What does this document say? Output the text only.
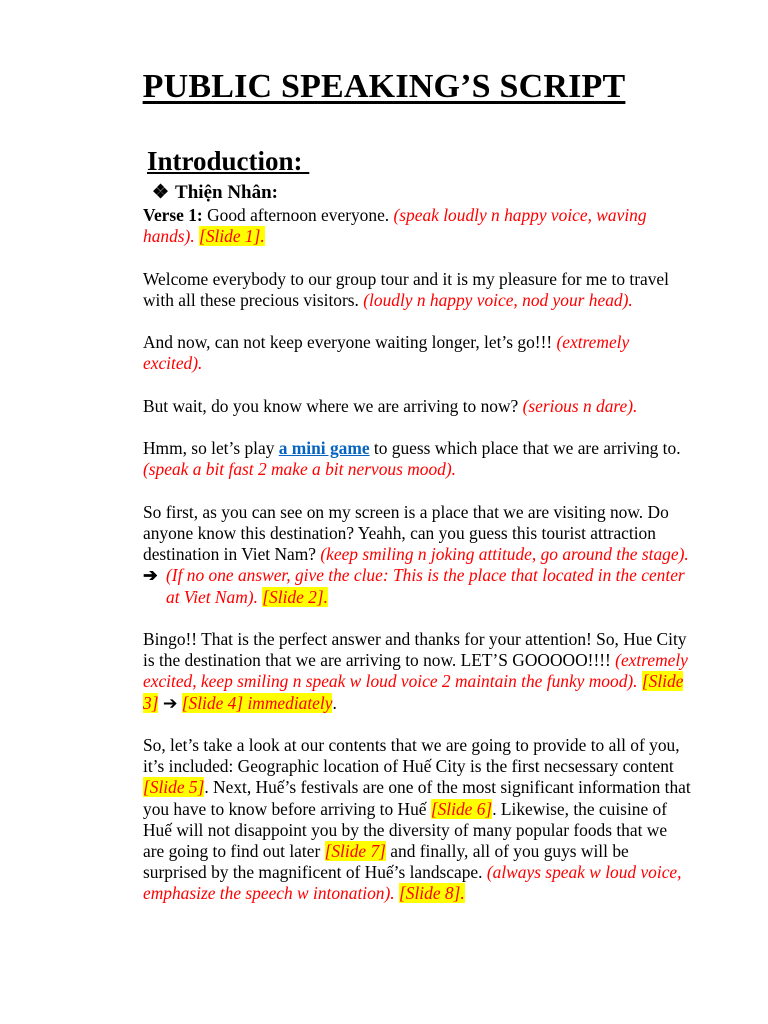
PUBLIC SPEAKING’S SCRIPT
Introduction:
❖ Thiện Nhân:

Verse 1: Good afternoon everyone. (speak loudly n happy voice, waving hands). [Slide 1].

Welcome everybody to our group tour and it is my pleasure for me to travel with all these precious visitors. (loudly n happy voice, nod your head).

And now, can not keep everyone waiting longer, let’s go!!! (extremely excited).

But wait, do you know where we are arriving to now? (serious n dare).

Hmm, so let’s play a mini game to guess which place that we are arriving to. (speak a bit fast 2 make a bit nervous mood).

So first, as you can see on my screen is a place that we are visiting now. Do anyone know this destination? Yeahh, can you guess this tourist attraction destination in Viet Nam? (keep smiling n joking attitude, go around the stage).

➔ (If no one answer, give the clue: This is the place that located in the center at Viet Nam). [Slide 2].

Bingo!! That is the perfect answer and thanks for your attention! So, Hue City is the destination that we are arriving to now. LET’S GOOOOO!!!! (extremely excited, keep smiling n speak w loud voice 2 maintain the funky mood). [Slide 3] ➔ [Slide 4] immediately.

So, let’s take a look at our contents that we are going to provide to all of you, it’s included: Geographic location of Huế City is the first necsessary content [Slide 5]. Next, Huế’s festivals are one of the most significant information that you have to know before arriving to Huế [Slide 6]. Likewise, the cuisine of Huế will not disappoint you by the diversity of many popular foods that we are going to find out later [Slide 7] and finally, all of you guys will be surprised by the magnificent of Huế’s landscape. (always speak w loud voice, emphasize the speech w intonation). [Slide 8].
